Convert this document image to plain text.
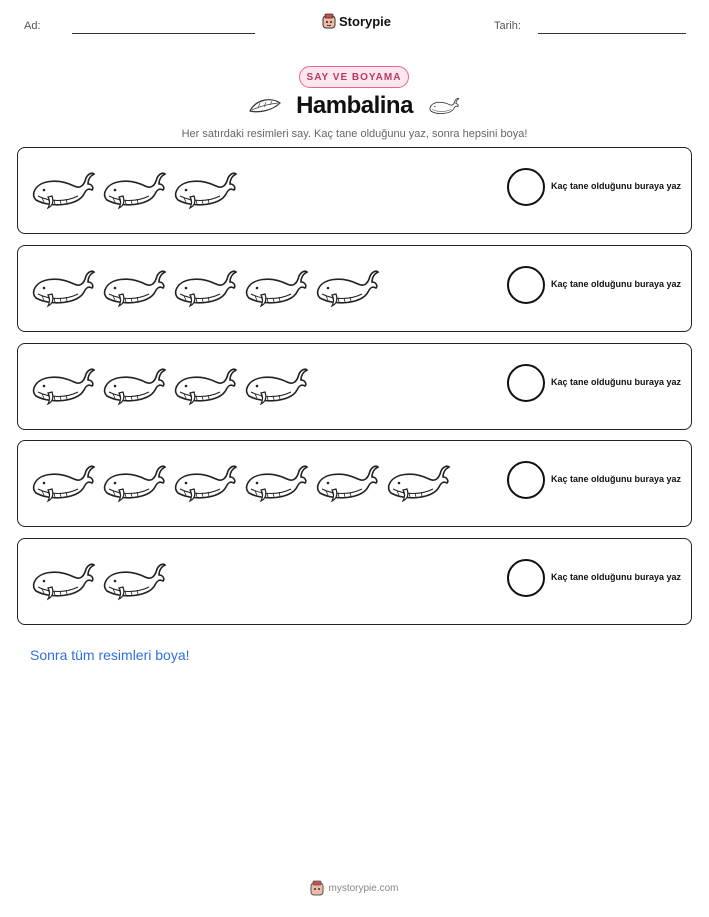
Ad:	Storypie	Tarih:
SAY VE BOYAMA
Hambalina
Her satırdaki resimleri say. Kaç tane olduğunu yaz, sonra hepsini boya!
Kaç tane olduğunu buraya yaz
Kaç tane olduğunu buraya yaz
Kaç tane olduğunu buraya yaz
Kaç tane olduğunu buraya yaz
Kaç tane olduğunu buraya yaz
Sonra tüm resimleri boya!
mystorypie.com
